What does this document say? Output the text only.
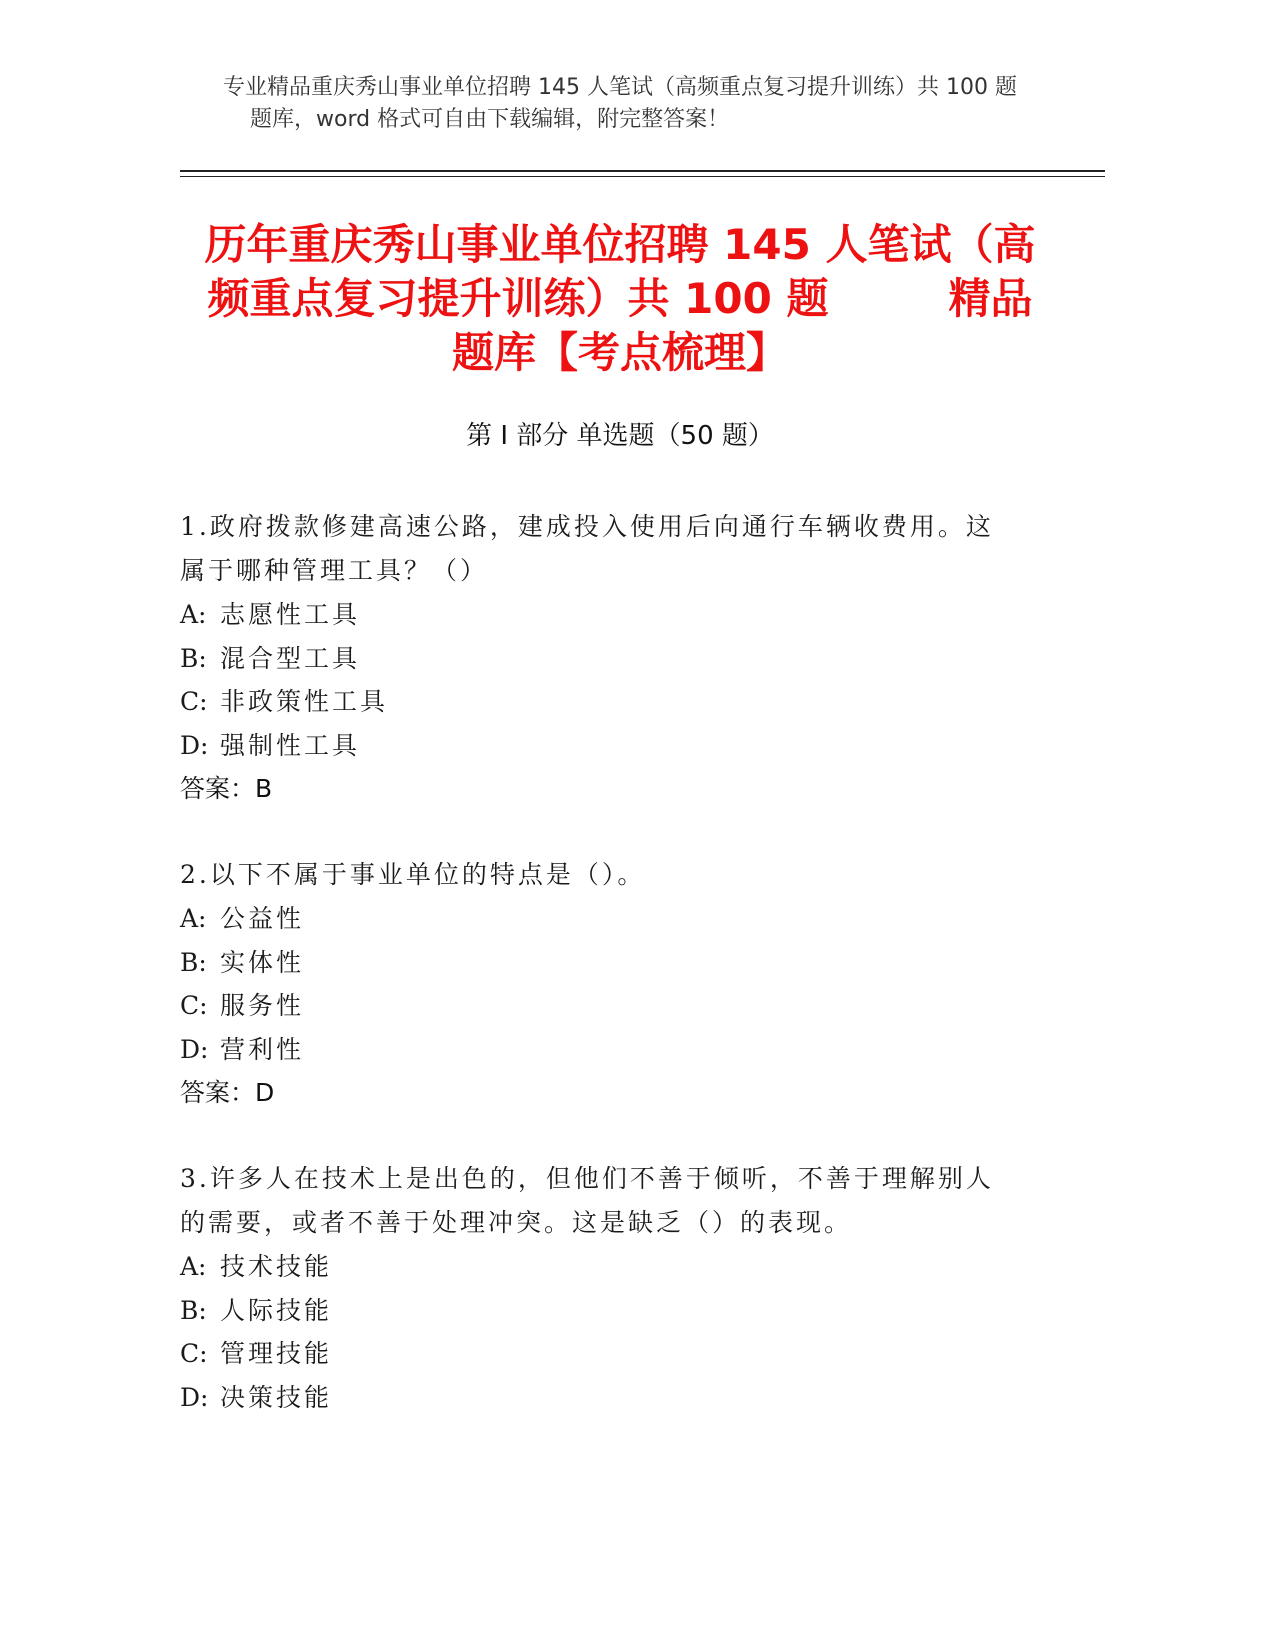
专业精品重庆秀山事业单位招聘 145 人笔试（高频重点复习提升训练）共 100 题
题库，word 格式可自由下载编辑，附完整答案！
历年重庆秀山事业单位招聘 145 人笔试（高
频重点复习提升训练）共 100 题	精品
题库【考点梳理】
第 I 部分 单选题（50 题）

1.政府拨款修建高速公路，建成投入使用后向通行车辆收费用。这属于哪种管理工具？（）

A: 志愿性工具

B: 混合型工具

C: 非政策性工具

D: 强制性工具

答案：B

2.以下不属于事业单位的特点是（）。

A: 公益性

B: 实体性

C: 服务性

D: 营利性

答案：D

3.许多人在技术上是出色的，但他们不善于倾听，不善于理解别人的需要，或者不善于处理冲突。这是缺乏（）的表现。

A: 技术技能

B: 人际技能

C: 管理技能

D: 决策技能
